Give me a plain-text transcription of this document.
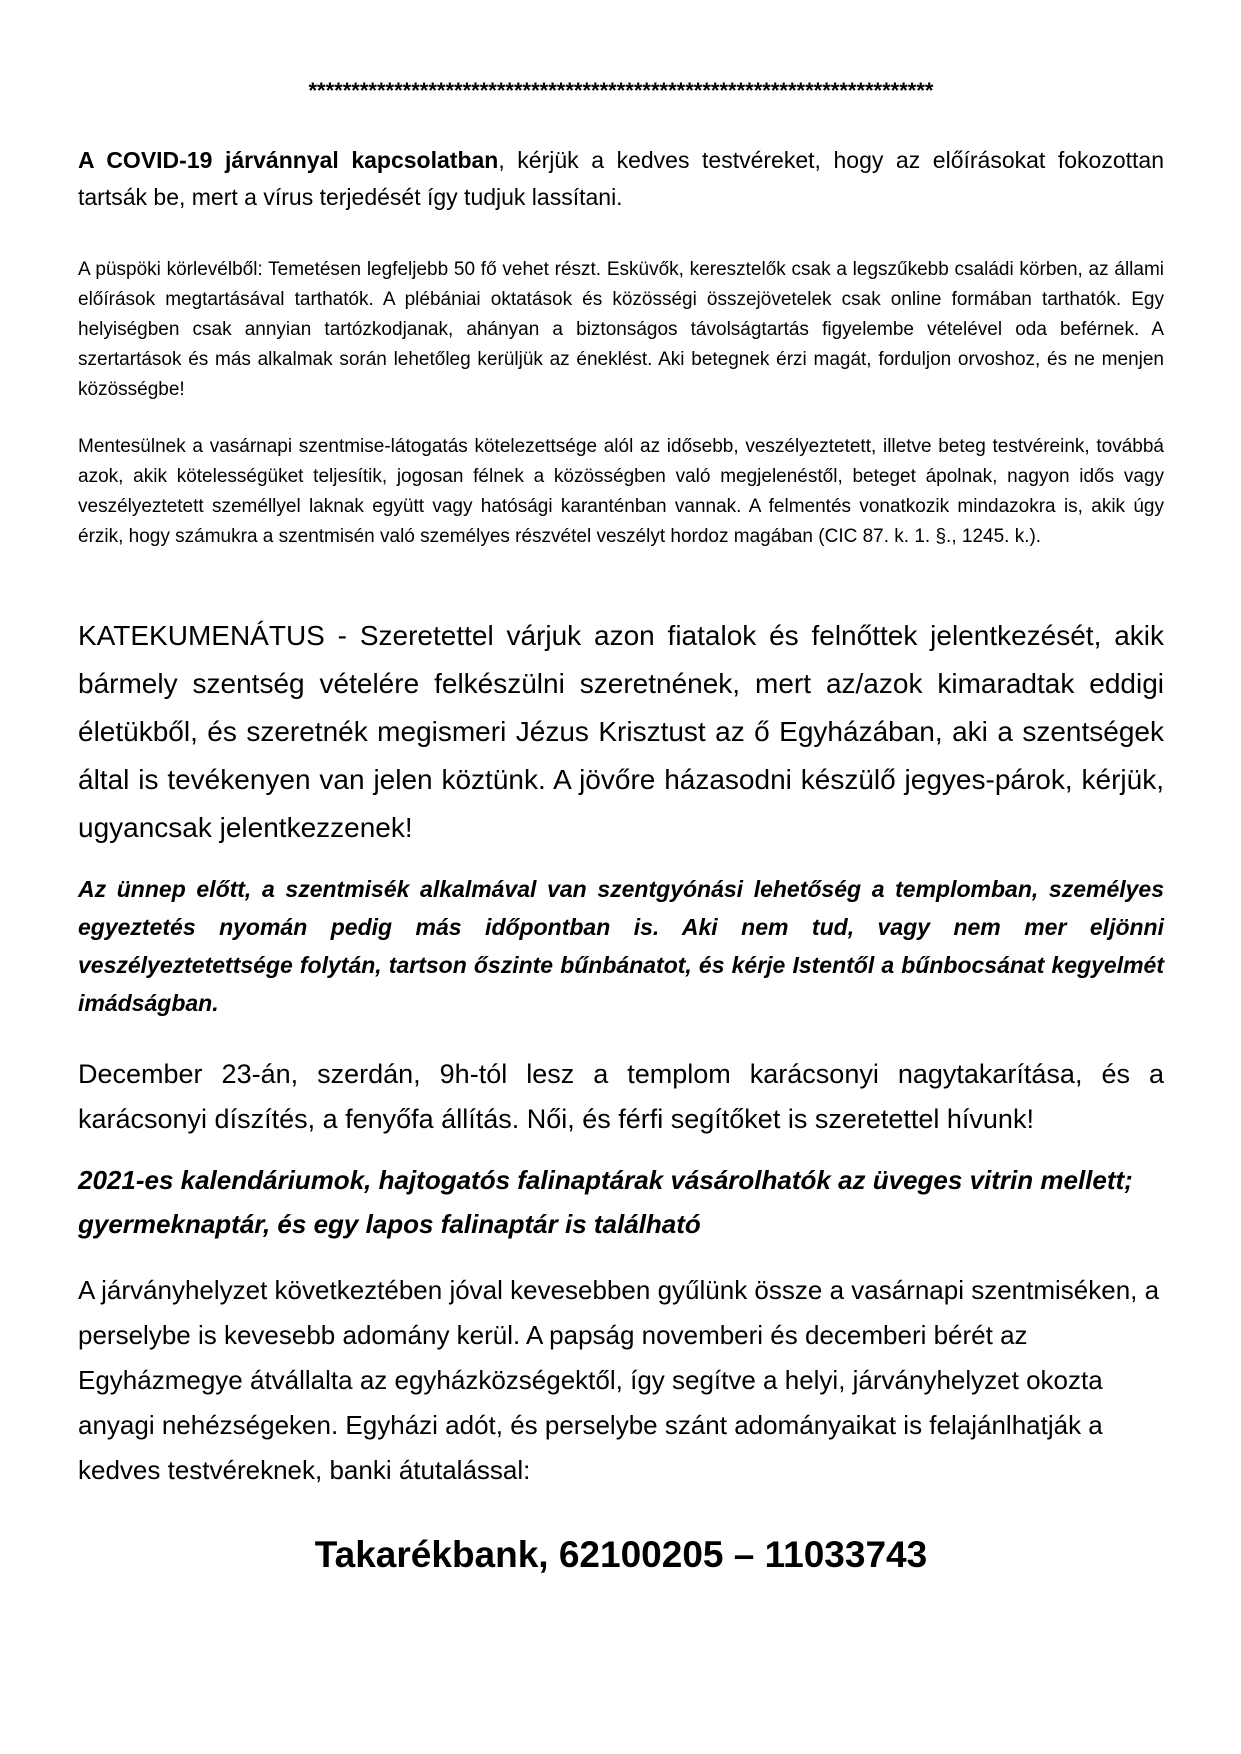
*************************************************************************
A COVID-19 járvánnyal kapcsolatban, kérjük a kedves testvéreket, hogy az előírásokat fokozottan tartsák be, mert a vírus terjedését így tudjuk lassítani.
A püspöki körlevélből: Temetésen legfeljebb 50 fő vehet részt. Esküvők, keresztelők csak a legszűkebb családi körben, az állami előírások megtartásával tarthatók. A plébániai oktatások és közösségi összejövetelek csak online formában tarthatók. Egy helyiségben csak annyian tartózkodjanak, ahányan a biztonságos távolságtartás figyelembe vételével oda beférnek. A szertartások és más alkalmak során lehetőleg kerüljük az éneklést. Aki betegnek érzi magát, forduljon orvoshoz, és ne menjen közösségbe!
Mentesülnek a vasárnapi szentmise-látogatás kötelezettsége alól az idősebb, veszélyeztetett, illetve beteg testvéreink, továbbá azok, akik kötelességüket teljesítik, jogosan félnek a közösségben való megjelenéstől, beteget ápolnak, nagyon idős vagy veszélyeztetett személlyel laknak együtt vagy hatósági karanténban vannak. A felmentés vonatkozik mindazokra is, akik úgy érzik, hogy számukra a szentmisén való személyes részvétel veszélyt hordoz magában (CIC 87. k. 1. §., 1245. k.).
KATEKUMENÁTUS - Szeretettel várjuk azon fiatalok és felnőttek jelentkezését, akik bármely szentség vételére felkészülni szeretnének, mert az/azok kimaradtak eddigi életükből, és szeretnék megismeri Jézus Krisztust az ő Egyházában, aki a szentségek által is tevékenyen van jelen köztünk. A jövőre házasodni készülő jegyes-párok, kérjük, ugyancsak jelentkezzenek!
Az ünnep előtt, a szentmisék alkalmával van szentgyónási lehetőség a templomban, személyes egyeztetés nyomán pedig más időpontban is. Aki nem tud, vagy nem mer eljönni veszélyeztetettsége folytán, tartson őszinte bűnbánatot, és kérje Istentől a bűnbocsánat kegyelmét imádságban.
December 23-án, szerdán, 9h-tól lesz a templom karácsonyi nagytakarítása, és a karácsonyi díszítés, a fenyőfa állítás. Női, és férfi segítőket is szeretettel hívunk!
2021-es kalendáriumok, hajtogatós falinaptárak vásárolhatók az üveges vitrin mellett; gyermeknaptár, és egy lapos falinaptár is található
A járványhelyzet következtében jóval kevesebben gyűlünk össze a vasárnapi szentmiséken, a perselybe is kevesebb adomány kerül. A papság novemberi és decemberi bérét az Egyházmegye átvállalta az egyházközségektől, így segítve a helyi, járványhelyzet okozta anyagi nehézségeken. Egyházi adót, és perselybe szánt adományaikat is felajánlhatják a kedves testvéreknek, banki átutalással:
Takarékbank, 62100205 – 11033743
